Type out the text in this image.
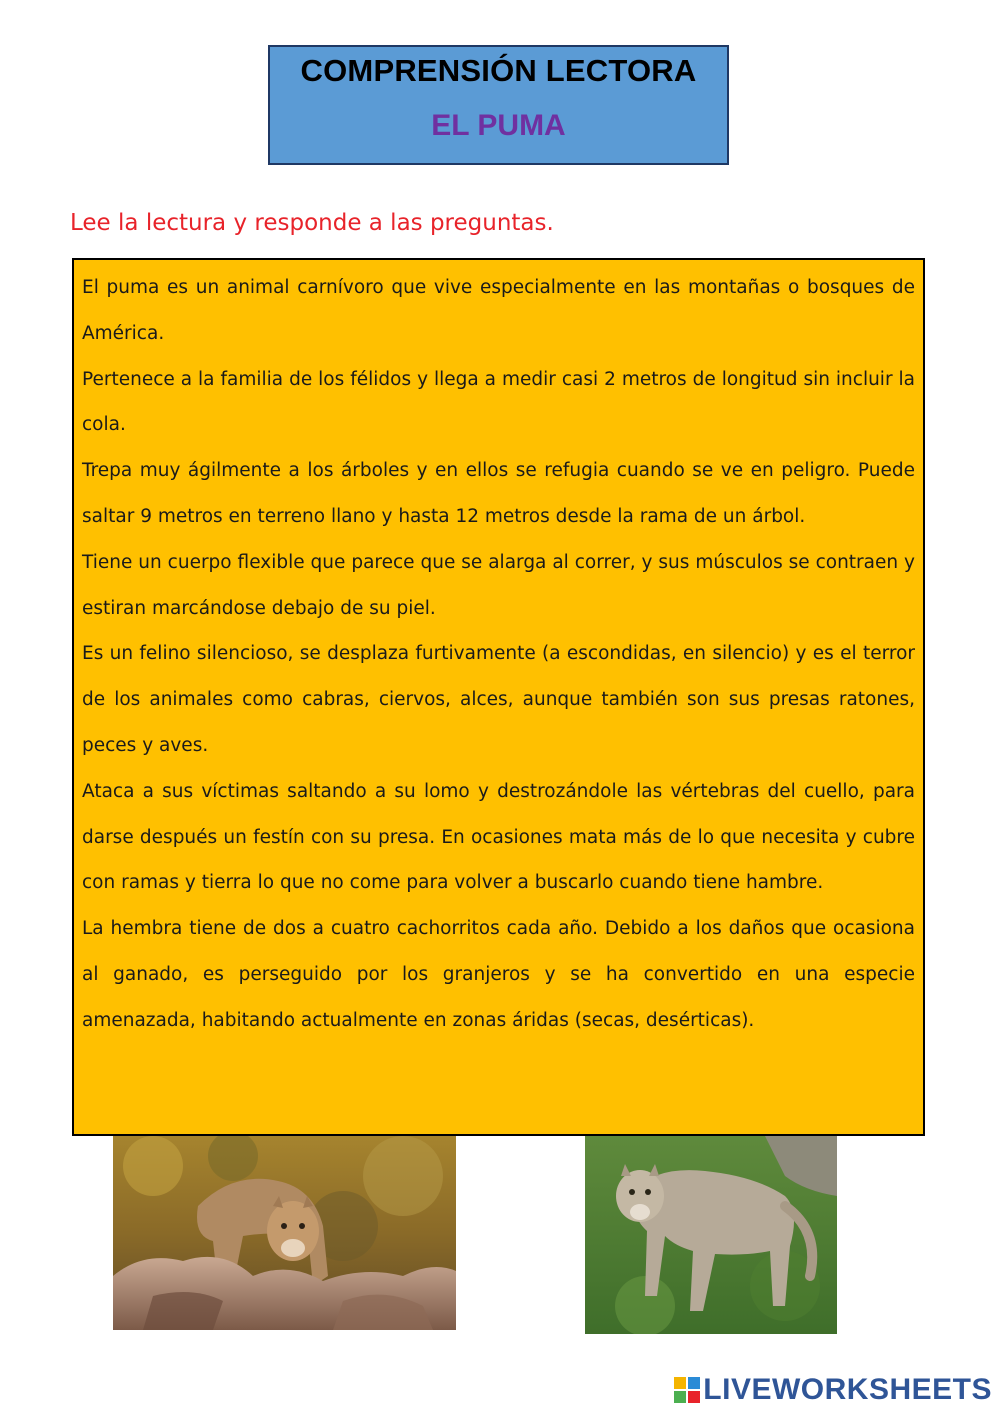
COMPRENSIÓN LECTORA
EL PUMA
Lee la lectura y responde a las preguntas.

El puma es un animal carnívoro que vive especialmente en las montañas o bosques de América.

Pertenece a la familia de los félidos y llega a medir casi 2 metros de longitud sin incluir la cola.

Trepa muy ágilmente a los árboles y en ellos se refugia cuando se ve en peligro. Puede saltar 9 metros en terreno llano y hasta 12 metros desde la rama de un árbol.

Tiene un cuerpo flexible que parece que se alarga al correr, y sus músculos se contraen y estiran marcándose debajo de su piel.

Es un felino silencioso, se desplaza furtivamente (a escondidas, en silencio) y es el terror de los animales como cabras, ciervos, alces, aunque también son sus presas ratones, peces y aves.

Ataca a sus víctimas saltando a su lomo y destrozándole las vértebras del cuello, para darse después un festín con su presa. En ocasiones mata más de lo que necesita y cubre con ramas y tierra lo que no come para volver a buscarlo cuando tiene hambre.

La hembra tiene de dos a cuatro cachorritos cada año. Debido a los daños que ocasiona al ganado, es perseguido por los granjeros y se ha convertido en una especie amenazada, habitando actualmente en zonas áridas (secas, desérticas).

LIVEWORKSHEETS
